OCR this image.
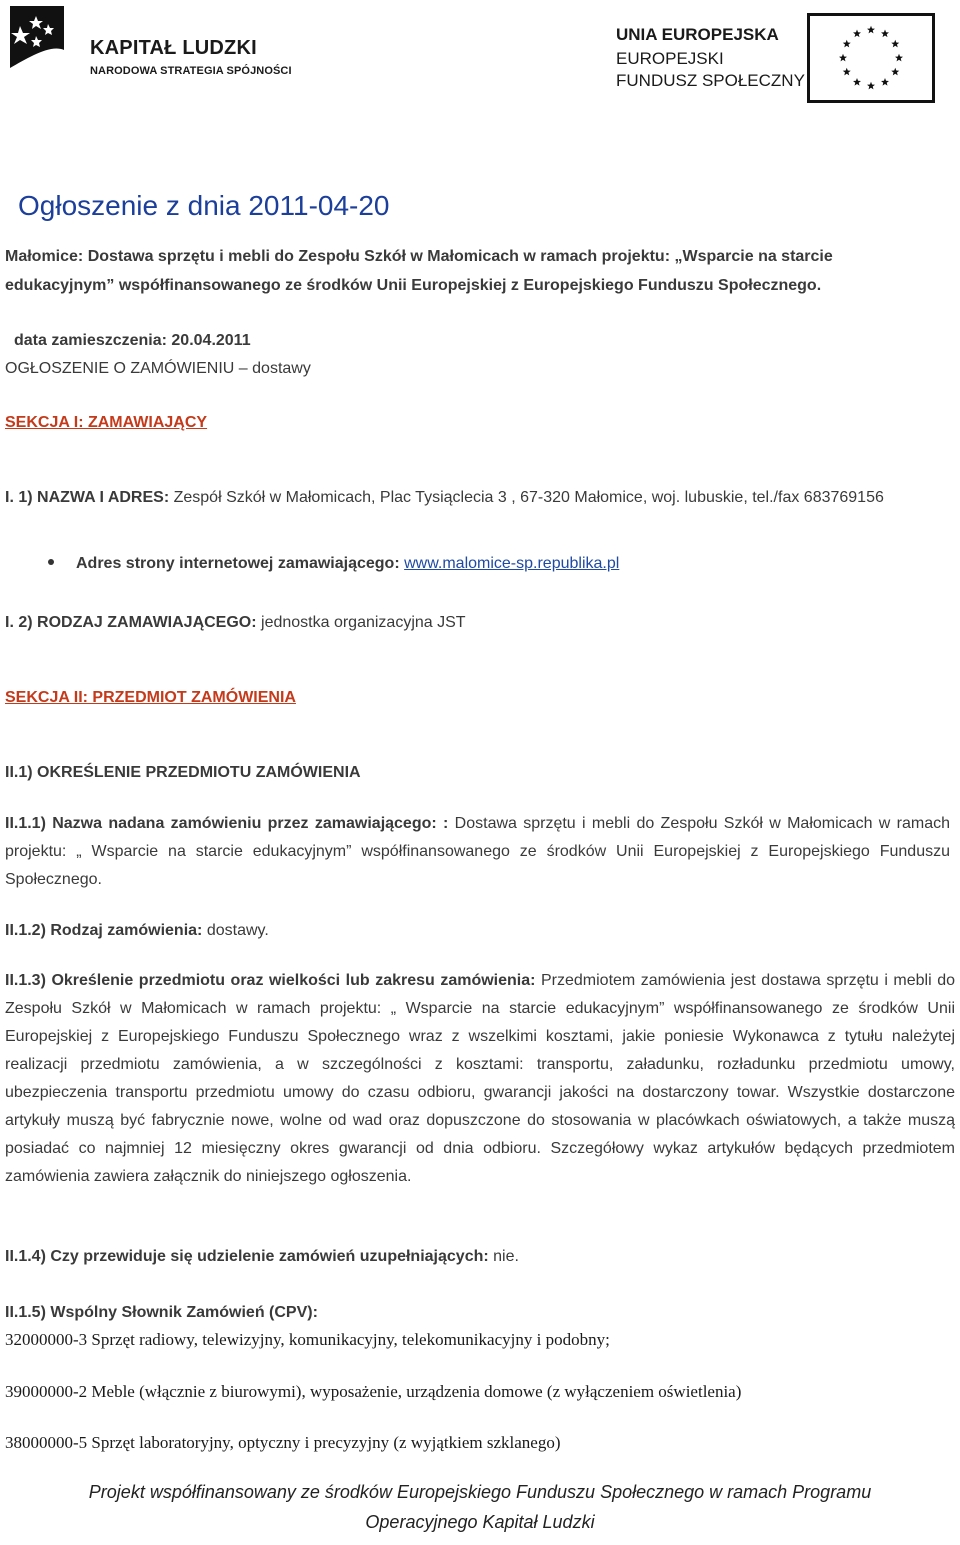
KAPITAŁ LUDZKI
NARODOWA STRATEGIA SPÓJNOŚCI
UNIA EUROPEJSKA
EUROPEJSKI
FUNDUSZ SPOŁECZNY
Ogłoszenie z dnia 2011-04-20
Małomice: Dostawa sprzętu i mebli do Zespołu Szkół w Małomicach w ramach projektu: „Wsparcie na starcie edukacyjnym” współfinansowanego ze środków Unii Europejskiej z Europejskiego Funduszu Społecznego.
data zamieszczenia: 20.04.2011
OGŁOSZENIE O ZAMÓWIENIU – dostawy
SEKCJA I: ZAMAWIAJĄCY
I. 1) NAZWA I ADRES: Zespół Szkół w Małomicach, Plac Tysiąclecia 3 , 67-320 Małomice, woj. lubuskie, tel./fax 683769156
Adres strony internetowej zamawiającego: www.malomice-sp.republika.pl
I. 2) RODZAJ ZAMAWIAJĄCEGO: jednostka organizacyjna JST
SEKCJA II: PRZEDMIOT ZAMÓWIENIA
II.1) OKREŚLENIE PRZEDMIOTU ZAMÓWIENIA
II.1.1) Nazwa nadana zamówieniu przez zamawiającego: : Dostawa sprzętu i mebli do Zespołu Szkół w Małomicach w ramach projektu: „ Wsparcie na starcie edukacyjnym” współfinansowanego ze środków Unii Europejskiej z Europejskiego Funduszu Społecznego.
II.1.2) Rodzaj zamówienia: dostawy.
II.1.3) Określenie przedmiotu oraz wielkości lub zakresu zamówienia: Przedmiotem zamówienia jest dostawa sprzętu i mebli do Zespołu Szkół w Małomicach w ramach projektu: „ Wsparcie na starcie edukacyjnym” współfinansowanego ze środków Unii Europejskiej z Europejskiego Funduszu Społecznego wraz z wszelkimi kosztami, jakie poniesie Wykonawca z tytułu należytej realizacji przedmiotu zamówienia, a w szczególności z kosztami: transportu, załadunku, rozładunku przedmiotu umowy, ubezpieczenia transportu przedmiotu umowy do czasu odbioru, gwarancji jakości na dostarczony towar. Wszystkie dostarczone artykuły muszą być fabrycznie nowe, wolne od wad oraz dopuszczone do stosowania w placówkach oświatowych, a także muszą posiadać co najmniej 12 miesięczny okres gwarancji od dnia odbioru. Szczegółowy wykaz artykułów będących przedmiotem zamówienia zawiera załącznik do niniejszego ogłoszenia.
II.1.4) Czy przewiduje się udzielenie zamówień uzupełniających: nie.
II.1.5) Wspólny Słownik Zamówień (CPV):
32000000-3 Sprzęt radiowy, telewizyjny, komunikacyjny, telekomunikacyjny i podobny;
39000000-2 Meble (włącznie z biurowymi), wyposażenie, urządzenia domowe (z wyłączeniem oświetlenia)
38000000-5 Sprzęt laboratoryjny, optyczny i precyzyjny (z wyjątkiem szklanego)
Projekt współfinansowany ze środków Europejskiego Funduszu Społecznego w ramach Programu
Operacyjnego Kapitał Ludzki
